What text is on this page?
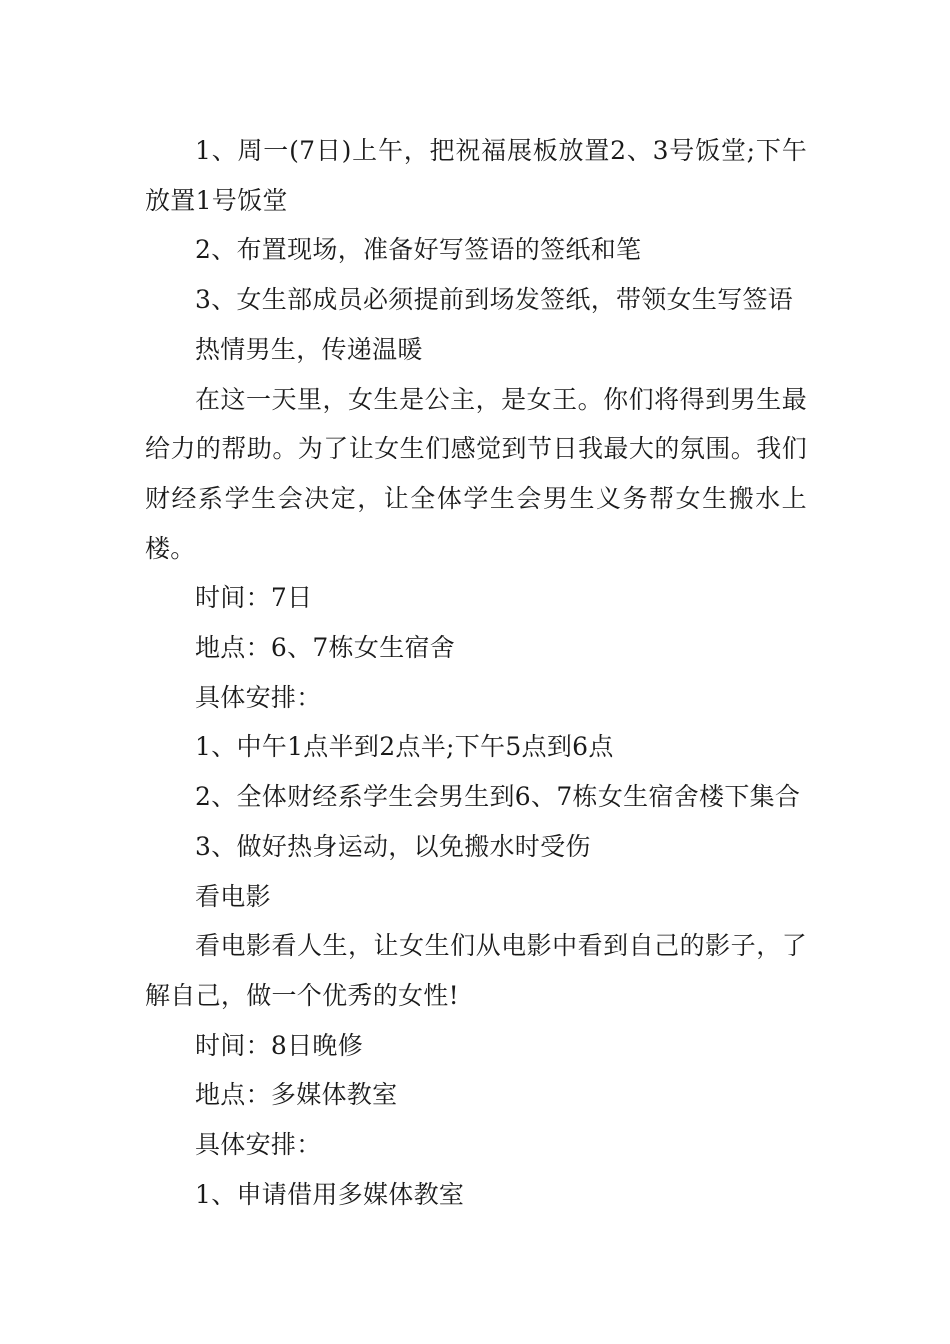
1、周一(7日)上午，把祝福展板放置2、3号饭堂;下午放置1号饭堂

2、布置现场，准备好写签语的签纸和笔

3、女生部成员必须提前到场发签纸，带领女生写签语

热情男生，传递温暖

在这一天里，女生是公主，是女王。你们将得到男生最给力的帮助。为了让女生们感觉到节日我最大的氛围。我们财经系学生会决定，让全体学生会男生义务帮女生搬水上楼。

时间：7日

地点：6、7栋女生宿舍

具体安排：

1、中午1点半到2点半;下午5点到6点

2、全体财经系学生会男生到6、7栋女生宿舍楼下集合

3、做好热身运动，以免搬水时受伤

看电影

看电影看人生，让女生们从电影中看到自己的影子，了解自己，做一个优秀的女性!

时间：8日晚修

地点：多媒体教室

具体安排：

1、申请借用多媒体教室
